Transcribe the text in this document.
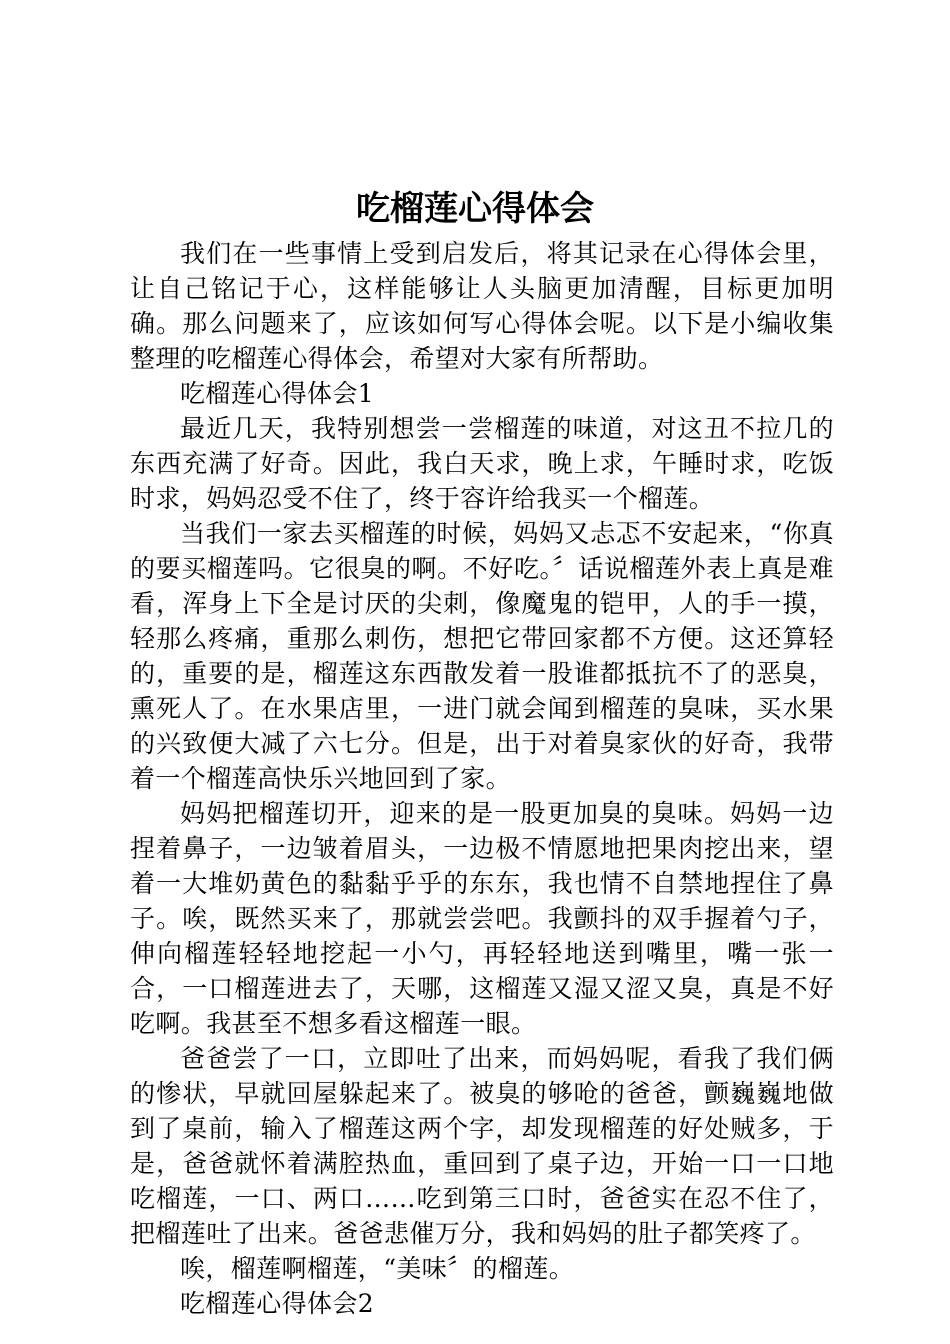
吃榴莲心得体会

我们在一些事情上受到启发后，将其记录在心得体会里，让自己铭记于心，这样能够让人头脑更加清醒，目标更加明确。那么问题来了，应该如何写心得体会呢。以下是小编收集整理的吃榴莲心得体会，希望对大家有所帮助。

吃榴莲心得体会1

最近几天，我特别想尝一尝榴莲的味道，对这丑不拉几的东西充满了好奇。因此，我白天求，晚上求，午睡时求，吃饭时求，妈妈忍受不住了，终于容许给我买一个榴莲。

当我们一家去买榴莲的时候，妈妈又忐忑不安起来，“你真的要买榴莲吗。它很臭的啊。不好吃。〞话说榴莲外表上真是难看，浑身上下全是讨厌的尖刺，像魔鬼的铠甲，人的手一摸，轻那么疼痛，重那么刺伤，想把它带回家都不方便。这还算轻的，重要的是，榴莲这东西散发着一股谁都抵抗不了的恶臭，熏死人了。在水果店里，一进门就会闻到榴莲的臭味，买水果的兴致便大减了六七分。但是，出于对着臭家伙的好奇，我带着一个榴莲高快乐兴地回到了家。

妈妈把榴莲切开，迎来的是一股更加臭的臭味。妈妈一边捏着鼻子，一边皱着眉头，一边极不情愿地把果肉挖出来，望着一大堆奶黄色的黏黏乎乎的东东，我也情不自禁地捏住了鼻子。唉，既然买来了，那就尝尝吧。我颤抖的双手握着勺子，伸向榴莲轻轻地挖起一小勺，再轻轻地送到嘴里，嘴一张一合，一口榴莲进去了，天哪，这榴莲又湿又涩又臭，真是不好吃啊。我甚至不想多看这榴莲一眼。

爸爸尝了一口，立即吐了出来，而妈妈呢，看我了我们俩的惨状，早就回屋躲起来了。被臭的够呛的爸爸，颤巍巍地做到了桌前，输入了榴莲这两个字，却发现榴莲的好处贼多，于是，爸爸就怀着满腔热血，重回到了桌子边，开始一口一口地吃榴莲，一口、两口……吃到第三口时，爸爸实在忍不住了，把榴莲吐了出来。爸爸悲催万分，我和妈妈的肚子都笑疼了。

唉，榴莲啊榴莲，“美味〞的榴莲。

吃榴莲心得体会2
